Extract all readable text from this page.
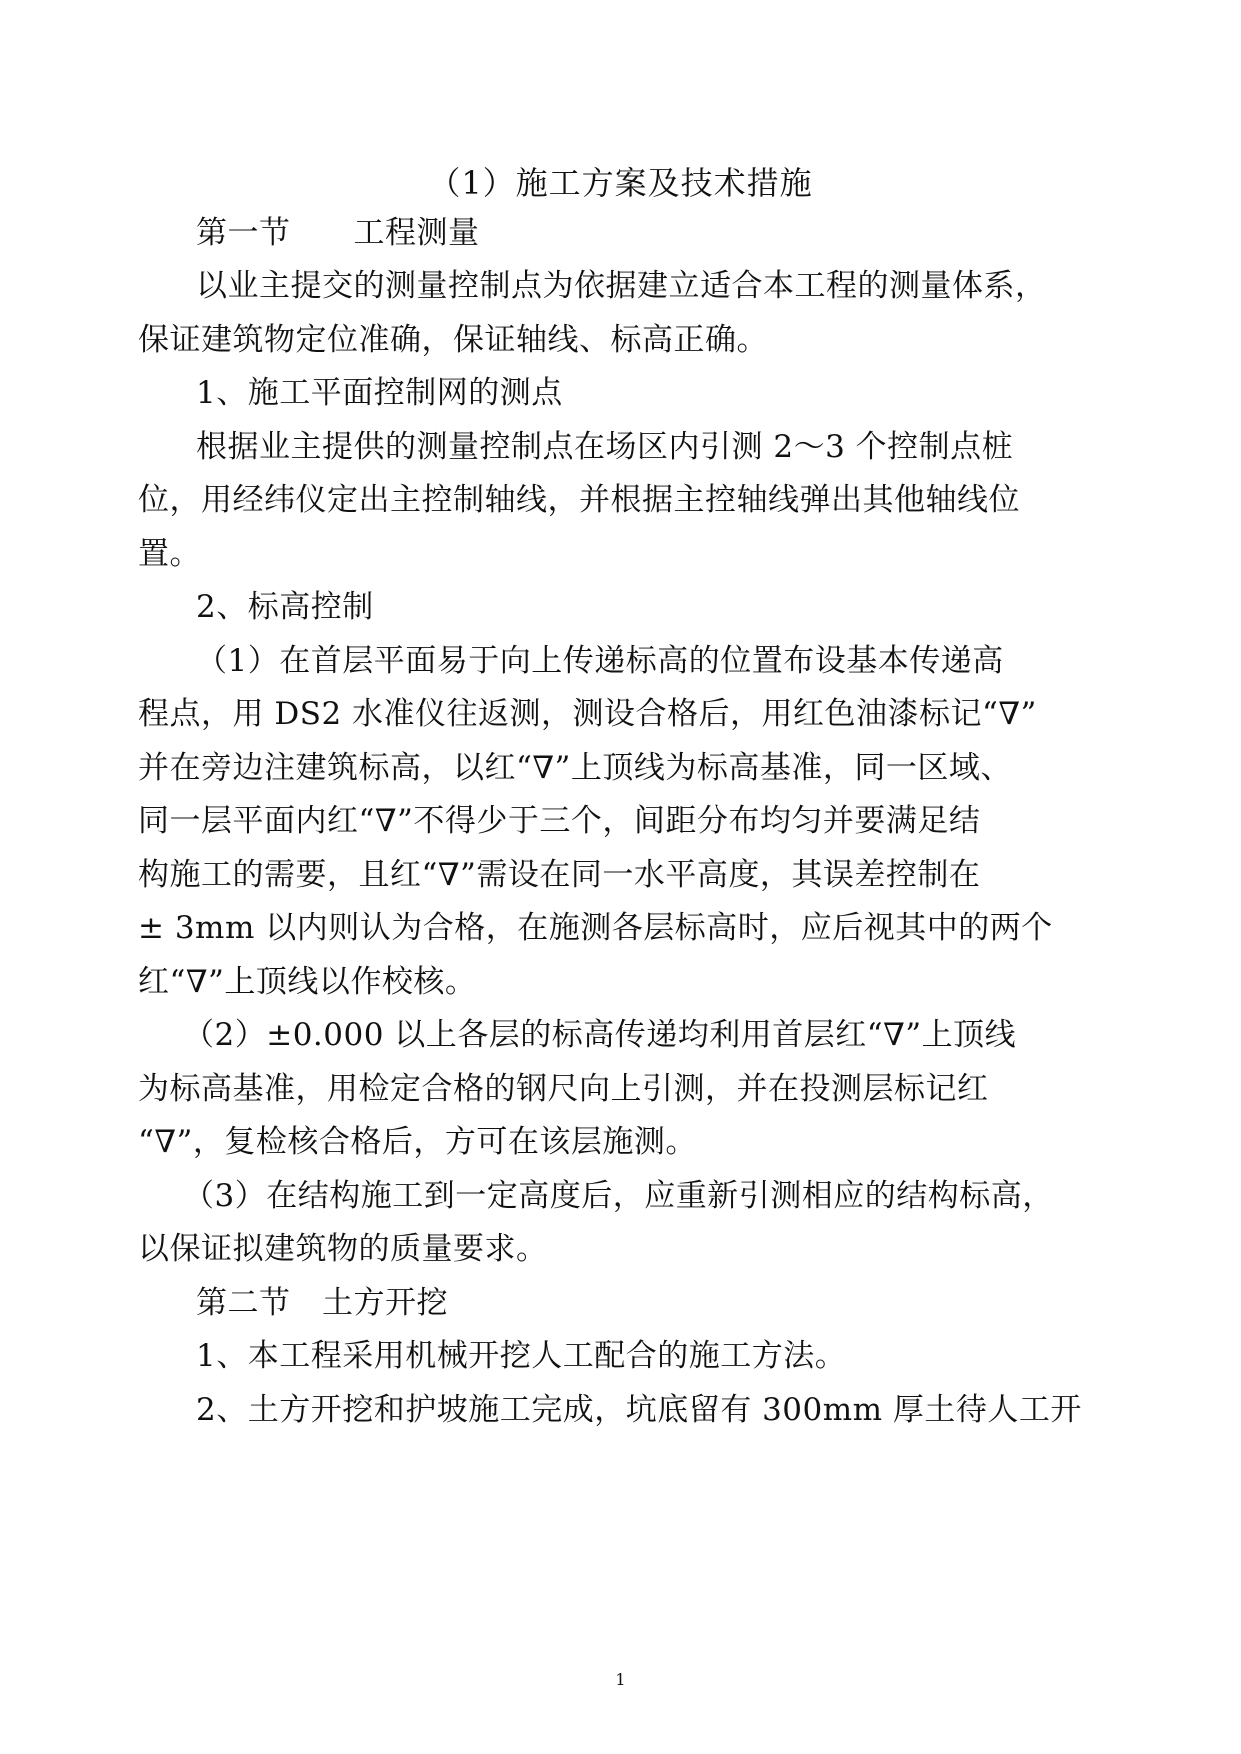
（1）施工方案及技术措施
第一节　　工程测量
以业主提交的测量控制点为依据建立适合本工程的测量体系，
保证建筑物定位准确，保证轴线、标高正确。
1、施工平面控制网的测点
根据业主提供的测量控制点在场区内引测 2～3 个控制点桩
位，用经纬仪定出主控制轴线，并根据主控轴线弹出其他轴线位
置。
2、标高控制
（1）在首层平面易于向上传递标高的位置布设基本传递高
程点，用 DS2 水准仪往返测，测设合格后，用红色油漆标记“∇”
并在旁边注建筑标高，以红“∇”上顶线为标高基准，同一区域、
同一层平面内红“∇”不得少于三个，间距分布均匀并要满足结
构施工的需要，且红“∇”需设在同一水平高度，其误差控制在
± 3mm 以内则认为合格，在施测各层标高时，应后视其中的两个
红“∇”上顶线以作校核。
（2）±0.000 以上各层的标高传递均利用首层红“∇”上顶线
为标高基准，用检定合格的钢尺向上引测，并在投测层标记红
“∇”，复检核合格后，方可在该层施测。
（3）在结构施工到一定高度后，应重新引测相应的结构标高，
以保证拟建筑物的质量要求。
第二节　土方开挖
1、本工程采用机械开挖人工配合的施工方法。
2、土方开挖和护坡施工完成，坑底留有 300mm 厚土待人工开
1
